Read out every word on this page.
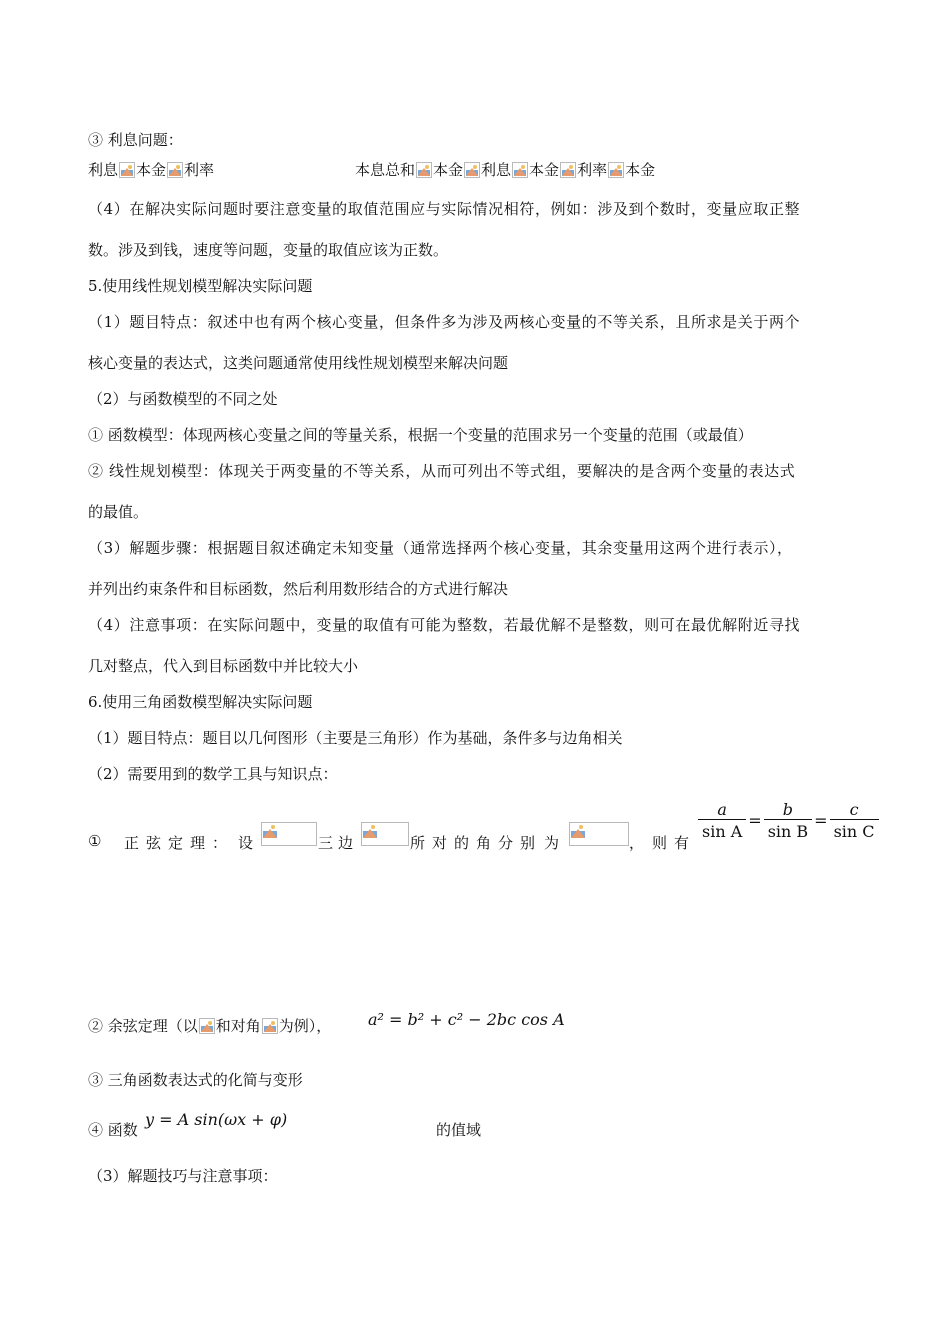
③ 利息问题：
利息 本金 利率	本息总和 本金 利息 本金 利率 本金
（4）在解决实际问题时要注意变量的取值范围应与实际情况相符，例如：涉及到个数时，变量应取正整
数。涉及到钱，速度等问题，变量的取值应该为正数。
5.使用线性规划模型解决实际问题
（1）题目特点：叙述中也有两个核心变量，但条件多为涉及两核心变量的不等关系，且所求是关于两个
核心变量的表达式，这类问题通常使用线性规划模型来解决问题
（2）与函数模型的不同之处
① 函数模型：体现两核心变量之间的等量关系，根据一个变量的范围求另一个变量的范围（或最值）
② 线性规划模型：体现关于两变量的不等关系，从而可列出不等式组，要解决的是含两个变量的表达式
的最值。
（3）解题步骤：根据题目叙述确定未知变量（通常选择两个核心变量，其余变量用这两个进行表示），
并列出约束条件和目标函数，然后利用数形结合的方式进行解决
（4）注意事项：在实际问题中，变量的取值有可能为整数，若最优解不是整数，则可在最优解附近寻找
几对整点，代入到目标函数中并比较大小
6.使用三角函数模型解决实际问题
（1）题目特点：题目以几何图形（主要是三角形）作为基础，条件多与边角相关
（2）需要用到的数学工具与知识点：
① 正 弦 定 理 ： 设	三 边	所 对 的 角 分 别 为	， 则 有
$\frac{a}{\text{sin A}} = \frac{b}{\text{sin B}} = \frac{c}{\text{sin C}}$
② 余弦定理（以 和对角 为例）， a² = b² + c² − 2bc cos A
③ 三角函数表达式的化简与变形
④ 函数
y = A sin(ωx + φ)
的值域
（3）解题技巧与注意事项：
